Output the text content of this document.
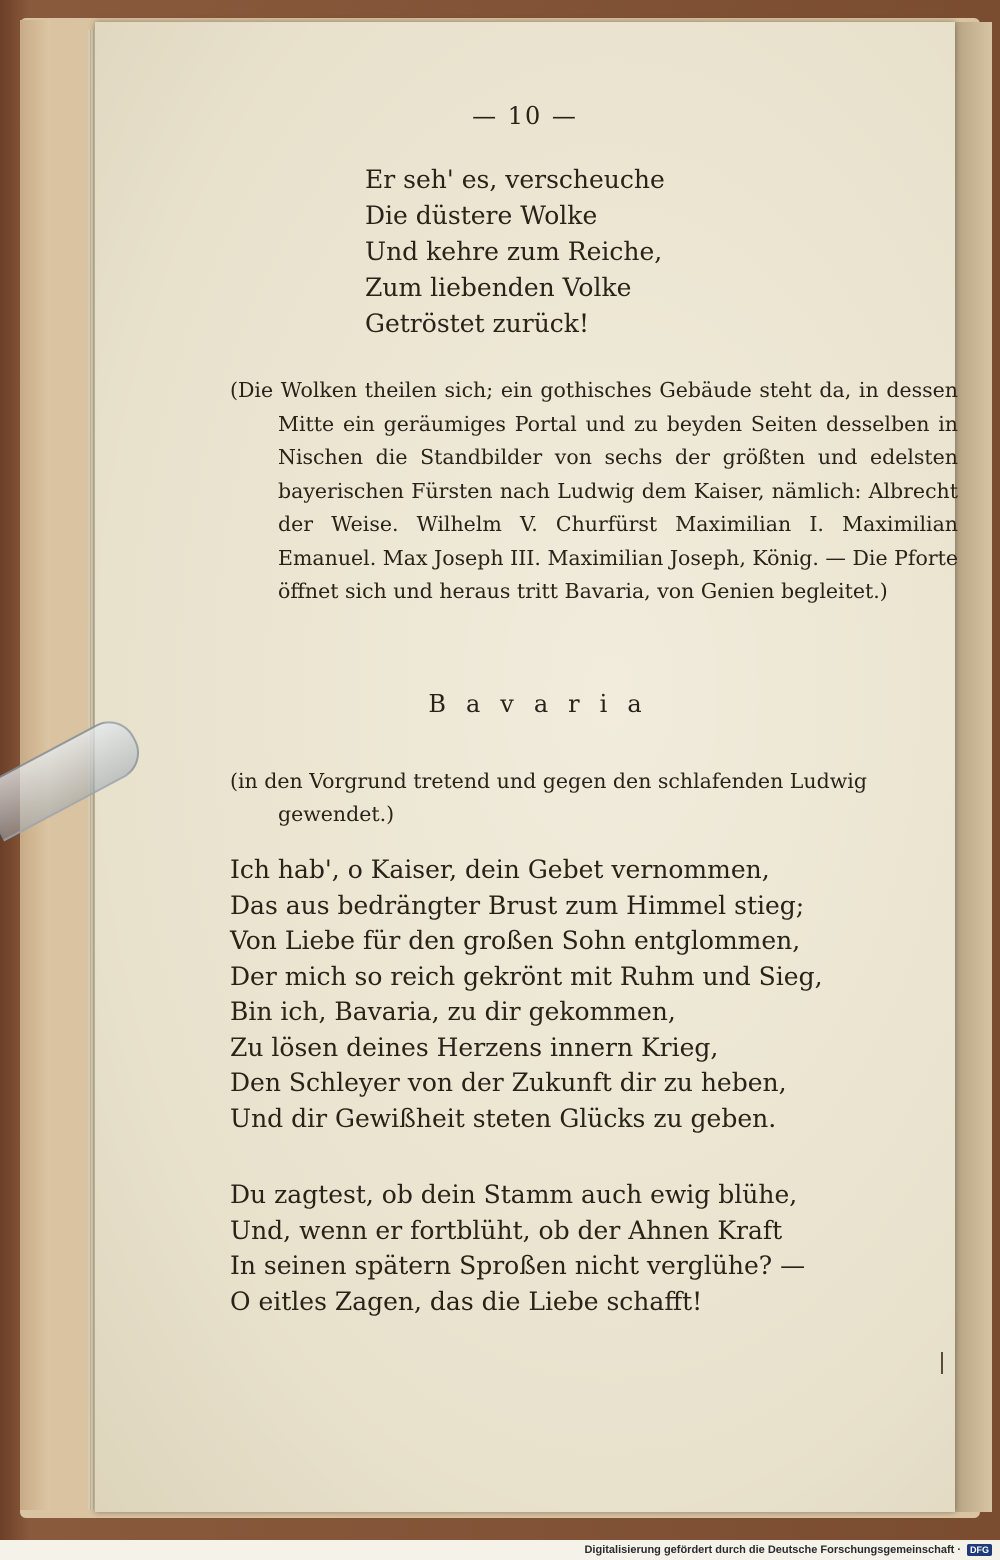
— 10 —
Er seh' es, verscheuche
Die düstere Wolke
Und kehre zum Reiche,
Zum liebenden Volke
Getröstet zurück!
(Die Wolken theilen sich; ein gothisches Gebäude steht da, in dessen Mitte ein geräumiges Portal und zu beyden Seiten desselben in Nischen die Standbilder von sechs der größten und edelsten bayerischen Fürsten nach Ludwig dem Kaiser, nämlich: Albrecht der Weise. Wilhelm V. Churfürst Maximilian I. Maximilian Emanuel. Max Joseph III. Maximilian Joseph, König. — Die Pforte öffnet sich und heraus tritt Bavaria, von Genien begleitet.)
Bavaria
(in den Vorgrund tretend und gegen den schlafenden Ludwig gewendet.)
Ich hab', o Kaiser, dein Gebet vernommen,
Das aus bedrängter Brust zum Himmel stieg;
Von Liebe für den großen Sohn entglommen,
Der mich so reich gekrönt mit Ruhm und Sieg,
Bin ich, Bavaria, zu dir gekommen,
Zu lösen deines Herzens innern Krieg,
Den Schleyer von der Zukunft dir zu heben,
Und dir Gewißheit steten Glücks zu geben.
Du zagtest, ob dein Stamm auch ewig blühe,
Und, wenn er fortblüht, ob der Ahnen Kraft
In seinen spätern Sproßen nicht verglühe? —
O eitles Zagen, das die Liebe schafft!
Digitalisierung gefördert durch die Deutsche Forschungsgemeinschaft ·	DFG
